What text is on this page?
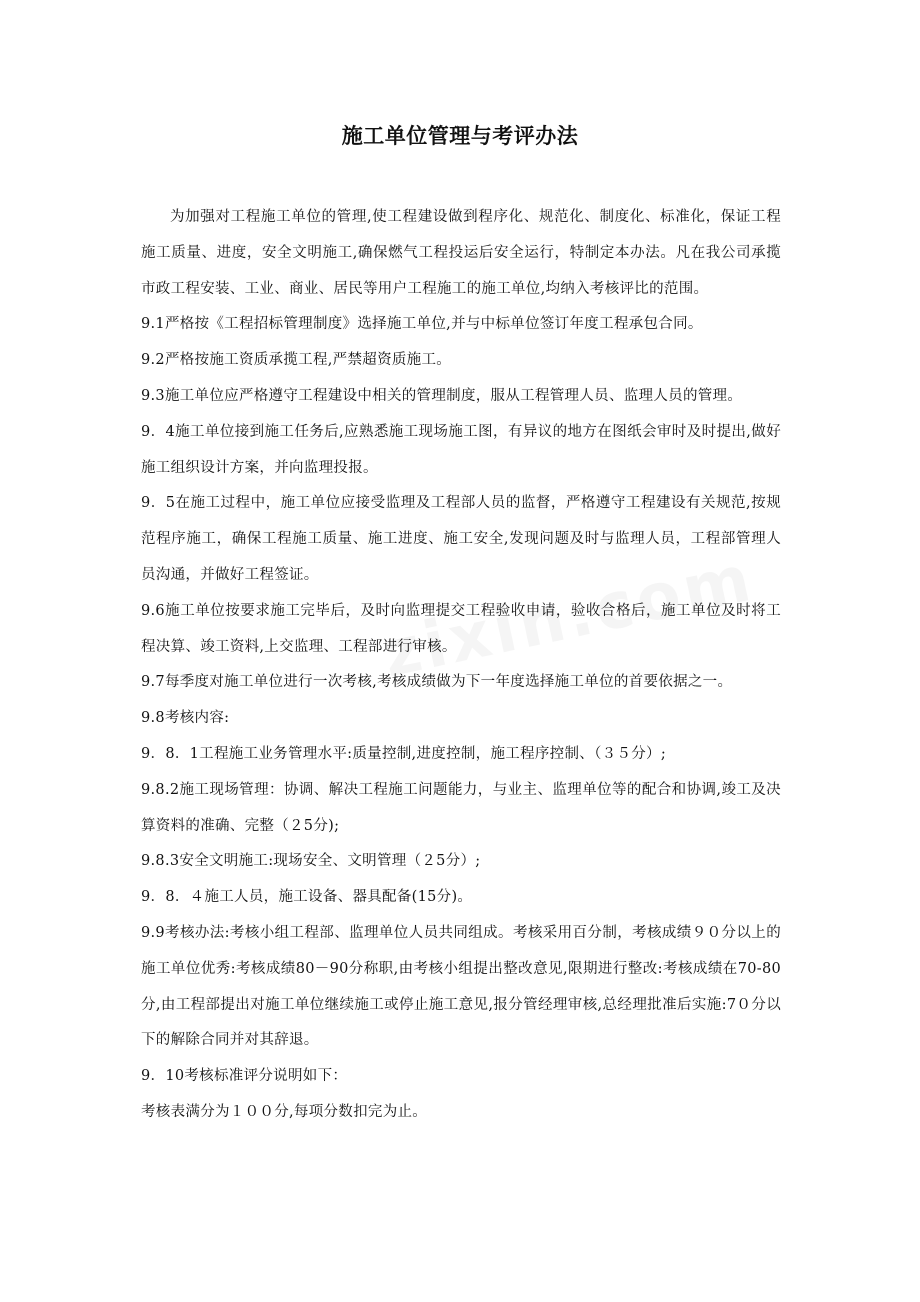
施工单位管理与考评办法

为加强对工程施工单位的管理,使工程建设做到程序化、规范化、制度化、标准化，保证工程施工质量、进度，安全文明施工,确保燃气工程投运后安全运行，特制定本办法。凡在我公司承揽市政工程安装、工业、商业、居民等用户工程施工的施工单位,均纳入考核评比的范围。

9.1严格按《工程招标管理制度》选择施工单位,并与中标单位签订年度工程承包合同。

9.2严格按施工资质承揽工程,严禁超资质施工。

9.3施工单位应严格遵守工程建设中相关的管理制度，服从工程管理人员、监理人员的管理。

9．4施工单位接到施工任务后,应熟悉施工现场施工图，有异议的地方在图纸会审时及时提出,做好施工组织设计方案，并向监理投报。

9．5在施工过程中，施工单位应接受监理及工程部人员的监督，严格遵守工程建设有关规范,按规范程序施工，确保工程施工质量、施工进度、施工安全,发现问题及时与监理人员，工程部管理人员沟通，并做好工程签证。

9.6施工单位按要求施工完毕后，及时向监理提交工程验收申请，验收合格后，施工单位及时将工程决算、竣工资料,上交监理、工程部进行审核。

9.7每季度对施工单位进行一次考核,考核成绩做为下一年度选择施工单位的首要依据之一。

9.8考核内容:

9．8．1工程施工业务管理水平:质量控制,进度控制，施工程序控制、（３５分）;

9.8.2施工现场管理：协调、解决工程施工问题能力，与业主、监理单位等的配合和协调,竣工及决算资料的准确、完整（２5分);

9.8.3安全文明施工:现场安全、文明管理（２5分）;

9．8．４施工人员，施工设备、器具配备(15分)。

9.9考核办法:考核小组工程部、监理单位人员共同组成。考核采用百分制，考核成绩９０分以上的施工单位优秀:考核成绩80－90分称职,由考核小组提出整改意见,限期进行整改:考核成绩在70-80分,由工程部提出对施工单位继续施工或停止施工意见,报分管经理审核,总经理批准后实施:7０分以下的解除合同并对其辞退。

9．10考核标准评分说明如下：

考核表满分为１００分,每项分数扣完为止。
